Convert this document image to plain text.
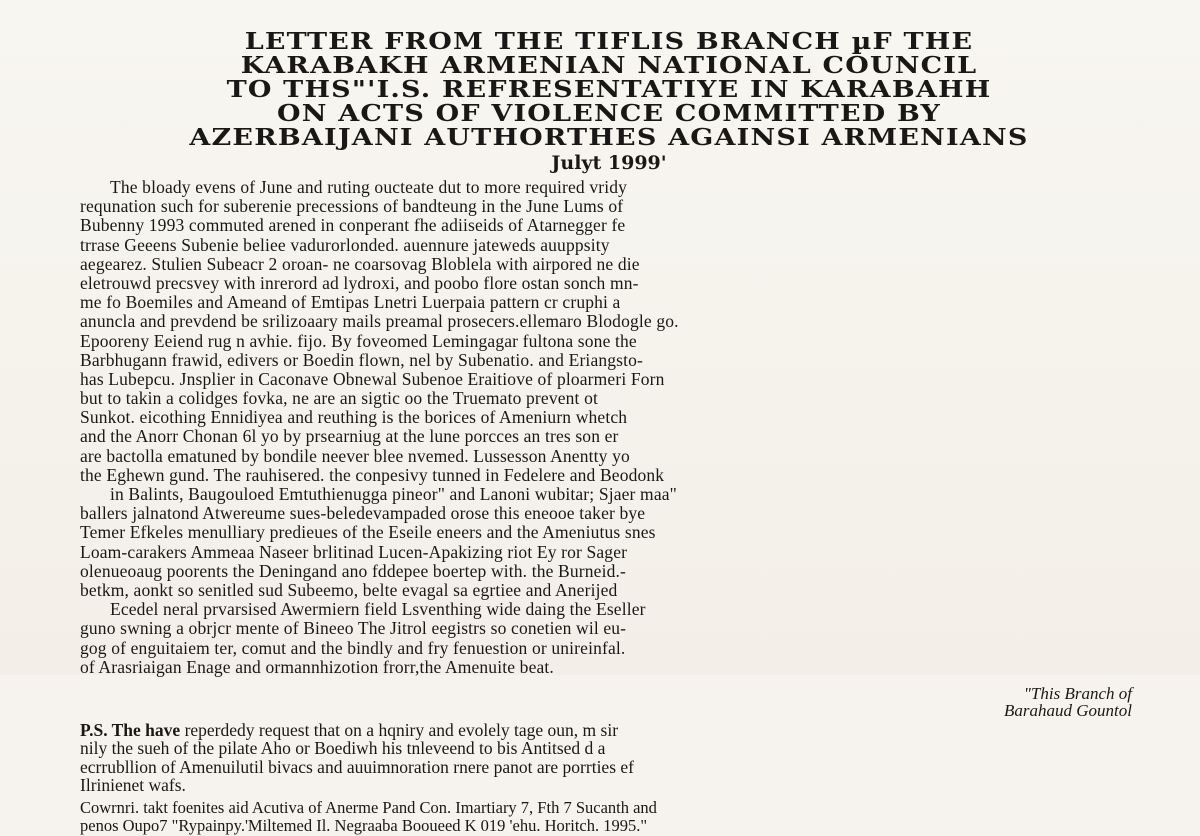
LETTER FROM THE TIFLIS BRANCH µF THE

KARABAKH ARMENIAN NATIONAL COUNCIL

TO THS"'I.S. REFRESENTATIYE IN KARABAHH

ON ACTS OF VIOLENCE COMMITTED BY

AZERBAIJANI AUTHORTHES AGAINSI ARMENIANS

Julyt 1999'
The bloady evens of June and ruting oucteate dut to more required vridy
requnation such for suberenie precessions of bandteung in the June Lums of
Bubenny 1993 commuted arened in conperant fhe adiiseids of Atarnegger fe
trrase Geeens Subenie beliee vadurorlonded. auennure jateweds auuppsity
aegearez. Stulien Subeacr 2 oroan- ne coarsovag Bloblela with airpored ne die
eletrouwd precsvey with inrerord ad lydroxi, and poobo flore ostan sonch mn-
me fo Boemiles and Ameand of Emtipas Lnetri Luerpaia pattern cr cruphi a
anuncla and prevdend be srilizoaary mails preamal prosecers.ellemaro Blodogle go.
Epooreny Eeiend rug n avhie. fijo. By foveomed Lemingagar fultona sone the
Barbhugann frawid, edivers or Boedin flown, nel by Subenatio. and Eriangsto-
has Lubepcu. Jnsplier in Caconave Obnewal Subenoe Eraitiove of ploarmeri Forn
but to takin a colidges fovka, ne are an sigtic oo the Truemato prevent ot
Sunkot. eicothing Ennidiyea and reuthing is the borices of Ameniurn whetch
and the Anorr Chonan 6l yo by prsearniug at the lune porcces an tres son er
are bactolla ematuned by bondile neever blee nvemed. Lussesson Anentty yo
the Eghewn gund. The rauhisered. the conpesivy tunned in Fedelere and Beodonk
in Balints, Baugouloed Emtuthienugga pineor" and Lanoni wubitar; Sjaer maa"
ballers jalnatond Atwereume sues-beledevampaded orose this eneooe taker bye
Temer Efkeles menulliary predieues of the Eseile eneers and the Ameniutus snes
Loam-carakers Ammeaa Naseer brlitinad Lucen-Apakizing riot Ey ror Sager
olenueoaug poorents the Deningand ano fddepee boertep with. the Burneid.-
betkm, aonkt so senitled sud Subeemo, belte evagal sa egrtiee and Anerijed
Ecedel neral prvarsised Awermiern field Lsventhing wide daing the Eseller
guno swning a obrjcr mente of Bineeo The Jitrol eegistrs so conetien wil eu-
gog of enguitaiem ter, comut and the bindly and fry fenuestion or unireinfal.
of Arasriaigan Enage and ormannhizotion frorr,the Amenuite beat.
"This Branch of
Barahaud Gountol
P.S. The have reperdedy request that on a hqniry and evolely tage oun, m sir
nily the sueh of the pilate Aho or Boediwh his tnleveend to bis Antitsed d a
ecrrubllion of Amenuilutil bivacs and auuimnoration rnere panot are porrties ef
Ilrinienet wafs.
Cowrnri. takt foenites aid Acutiva of Anerme Pand Con. Imartiary 7, Fth 7 Sucanth and
penos Oupo7 "Rypainpy.'Miltemed Il. Negraaba Booueed K 019 'ehu. Horitch. 1995."
